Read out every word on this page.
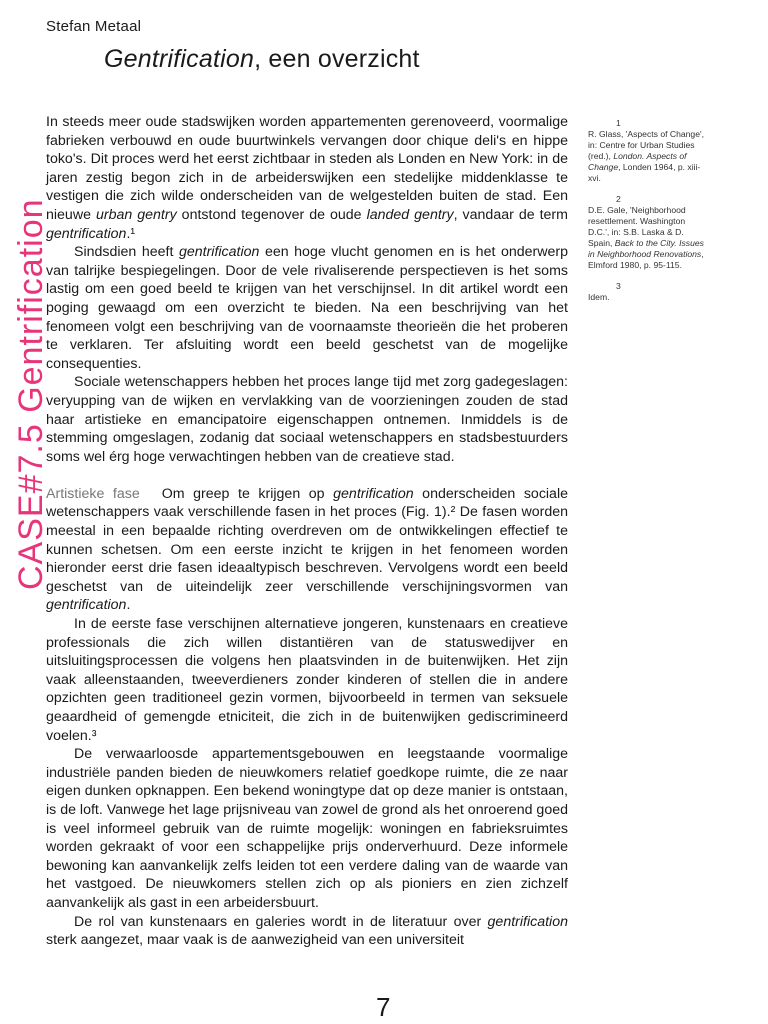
CASE#7.5 Gentrification
Stefan Metaal
Gentrification, een overzicht

In steeds meer oude stadswijken worden appartementen gerenoveerd, voormalige fabrieken verbouwd en oude buurtwinkels vervangen door chique deli's en hippe toko's. Dit proces werd het eerst zichtbaar in steden als Londen en New York: in de jaren zestig begon zich in de arbeiderswijken een stedelijke middenklasse te vestigen die zich wilde onderscheiden van de welgestelden buiten de stad. Een nieuwe urban gentry ontstond tegenover de oude landed gentry, vandaar de term gentrification.¹

Sindsdien heeft gentrification een hoge vlucht genomen en is het onderwerp van talrijke bespiegelingen. Door de vele rivaliserende perspectieven is het soms lastig om een goed beeld te krijgen van het verschijnsel. In dit artikel wordt een poging gewaagd om een overzicht te bieden. Na een beschrijving van het fenomeen volgt een beschrijving van de voornaamste theorieën die het proberen te verklaren. Ter afsluiting wordt een beeld geschetst van de mogelijke consequenties.

Sociale wetenschappers hebben het proces lange tijd met zorg gadegeslagen: veryupping van de wijken en vervlakking van de voorzieningen zouden de stad haar artistieke en emancipatoire eigenschappen ontnemen. Inmiddels is de stemming omgeslagen, zodanig dat sociaal wetenschappers en stadsbestuurders soms wel érg hoge verwachtingen hebben van de creatieve stad.

Artistieke fase Om greep te krijgen op gentrification onderscheiden sociale wetenschappers vaak verschillende fasen in het proces (Fig. 1).² De fasen worden meestal in een bepaalde richting overdreven om de ontwikkelingen effectief te kunnen schetsen. Om een eerste inzicht te krijgen in het fenomeen worden hieronder eerst drie fasen ideaaltypisch beschreven. Vervolgens wordt een beeld geschetst van de uiteindelijk zeer verschillende verschijningsvormen van gentrification.

In de eerste fase verschijnen alternatieve jongeren, kunstenaars en creatieve professionals die zich willen distantiëren van de statuswedijver en uitsluitingsprocessen die volgens hen plaatsvinden in de buitenwijken. Het zijn vaak alleenstaanden, tweeverdieners zonder kinderen of stellen die in andere opzichten geen traditioneel gezin vormen, bijvoorbeeld in termen van seksuele geaardheid of gemengde etniciteit, die zich in de buitenwijken gediscrimineerd voelen.³

De verwaarloosde appartementsgebouwen en leegstaande voormalige industriële panden bieden de nieuwkomers relatief goedkope ruimte, die ze naar eigen dunken opknappen. Een bekend woningtype dat op deze manier is ontstaan, is de loft. Vanwege het lage prijsniveau van zowel de grond als het onroerend goed is veel informeel gebruik van de ruimte mogelijk: woningen en fabrieksruimtes worden gekraakt of voor een schappelijke prijs onderverhuurd. Deze informele bewoning kan aanvankelijk zelfs leiden tot een verdere daling van de waarde van het vastgoed. De nieuwkomers stellen zich op als pioniers en zien zichzelf aanvankelijk als gast in een arbeidersbuurt.

De rol van kunstenaars en galeries wordt in de literatuur over gentrification sterk aangezet, maar vaak is de aanwezigheid van een universiteit

1
R. Glass, 'Aspects of Change', in: Centre for Urban Studies (red.), London. Aspects of Change, Londen 1964, p. xiii-xvi.
2
D.E. Gale, 'Neighborhood resettlement. Washington D.C.', in: S.B. Laska & D. Spain, Back to the City. Issues in Neighborhood Renovations, Elmford 1980, p. 95-115.
3
Idem.
7
